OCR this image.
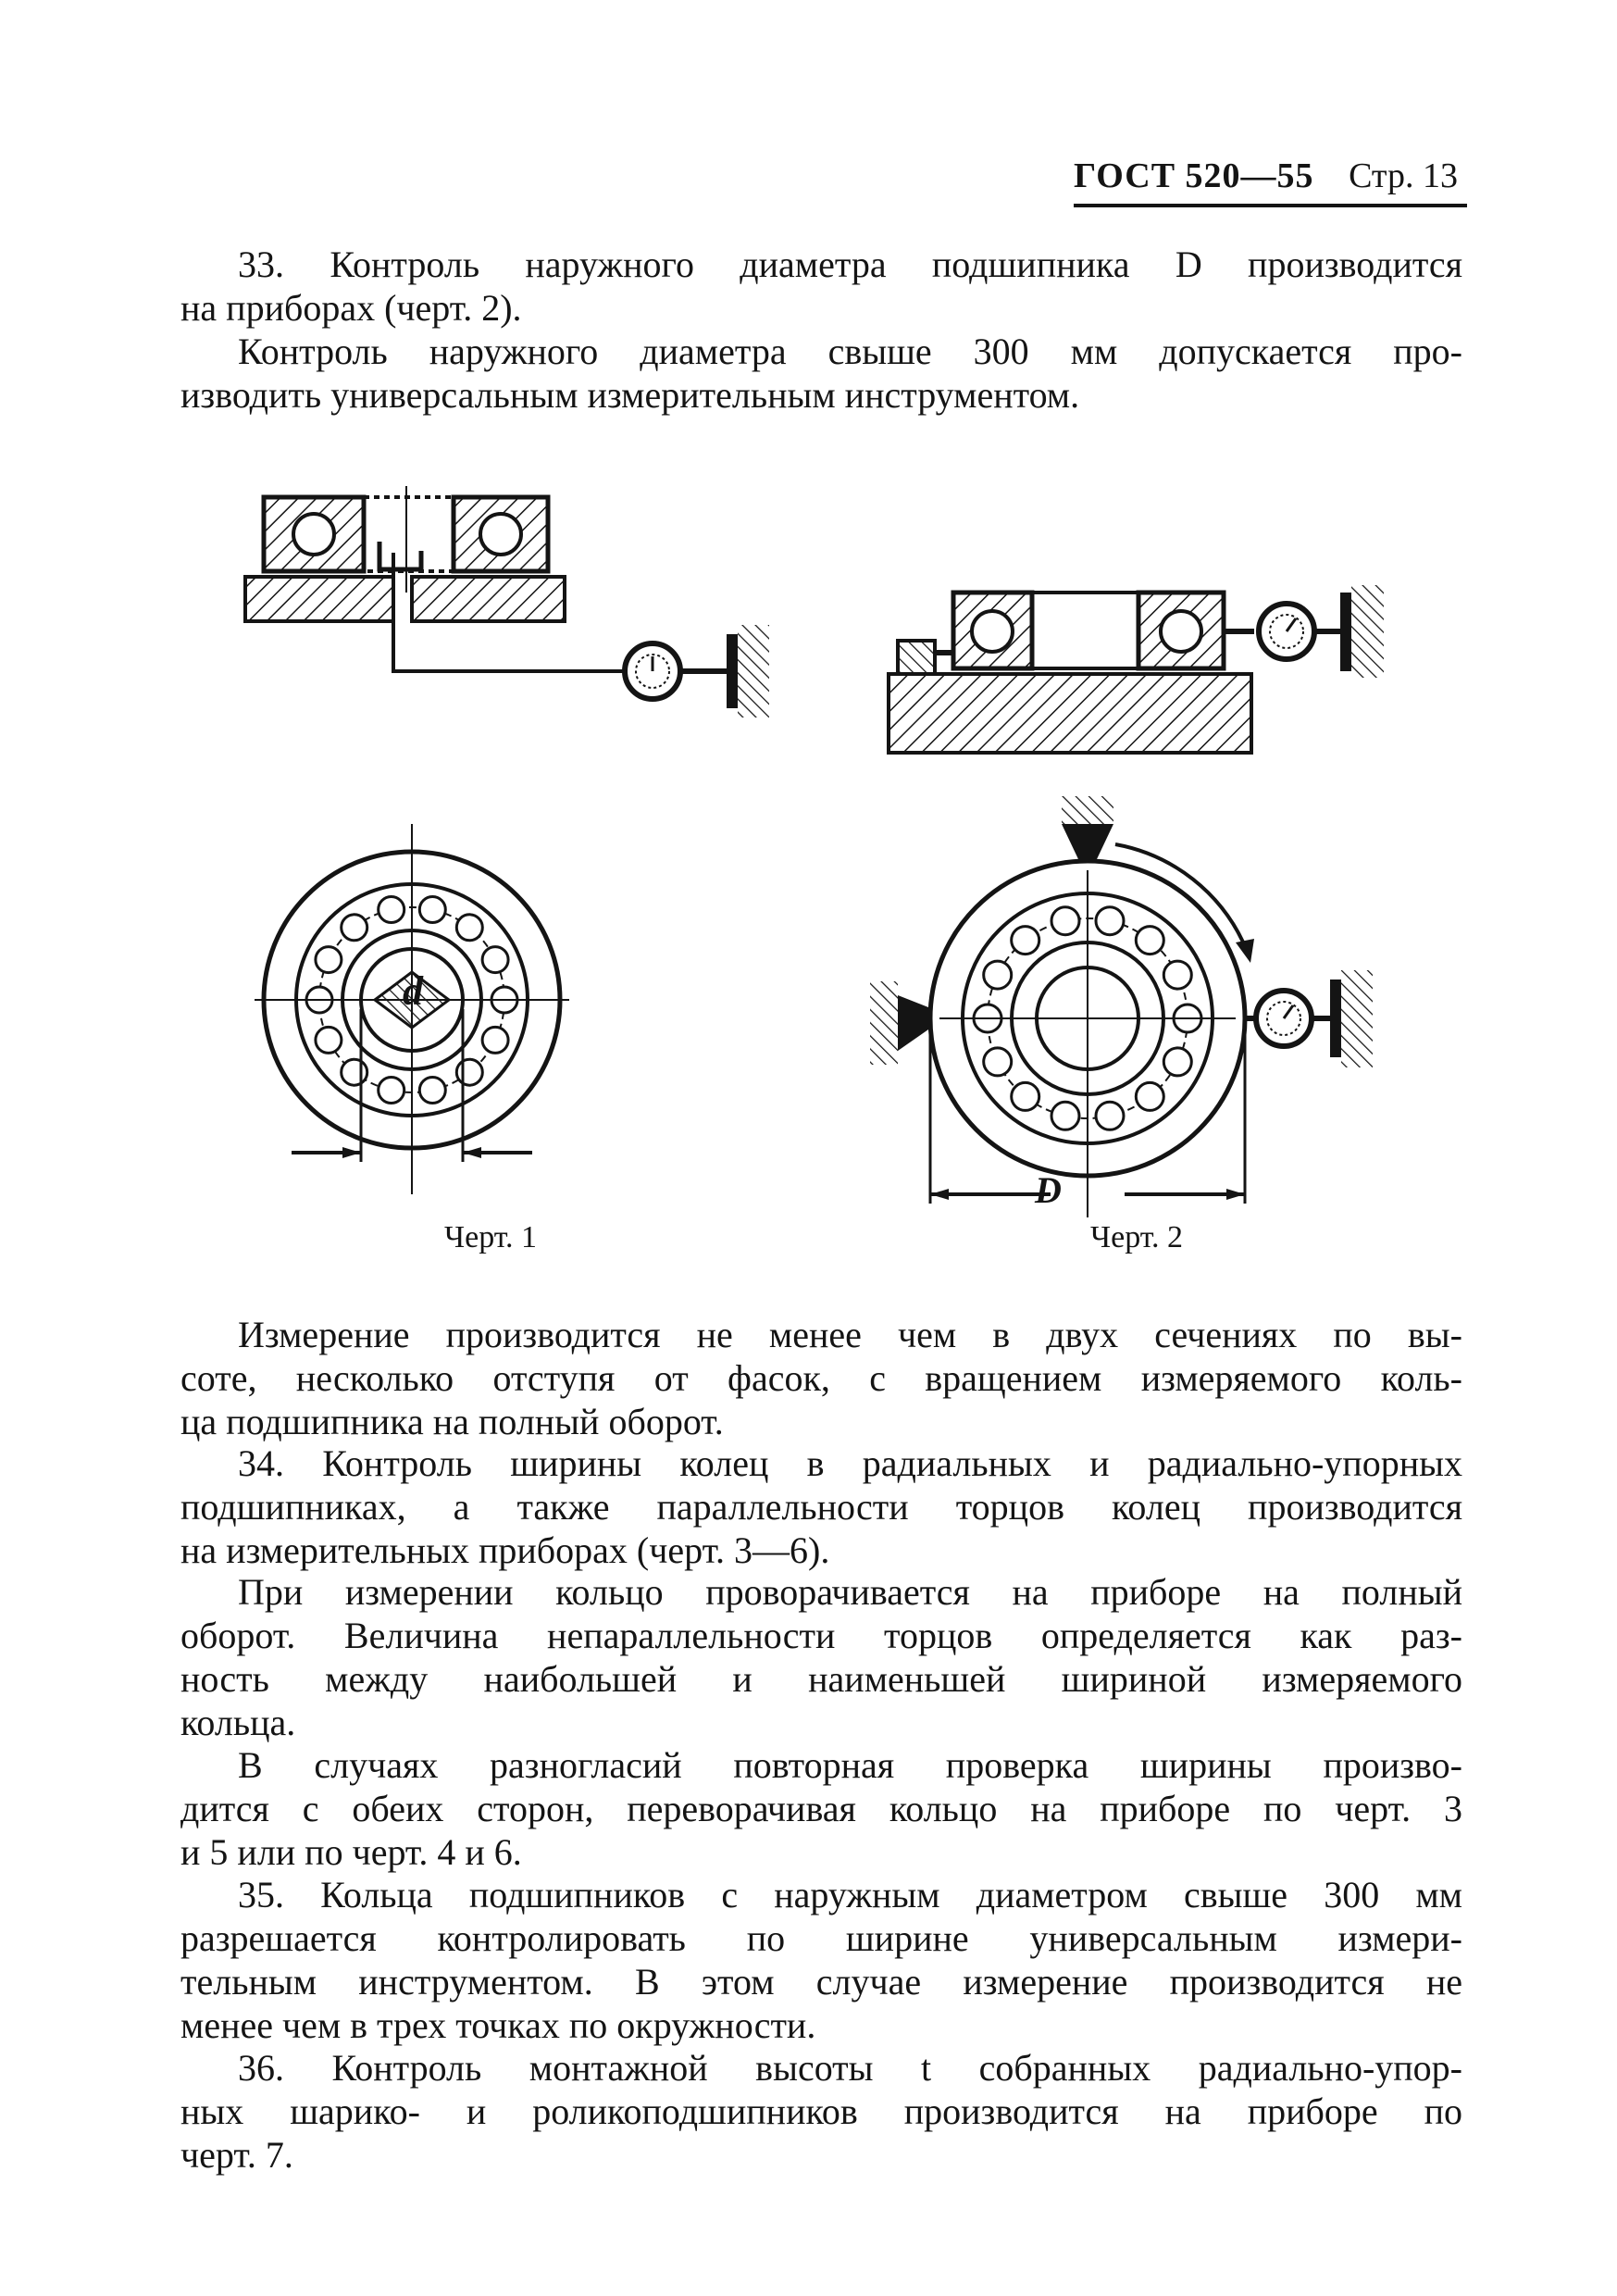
ГОСТ 520—55 Стр. 13
33. Контроль наружного диаметра подшипника D производится
на приборах (черт. 2).
Контроль наружного диаметра свыше 300 мм допускается про-
изводить универсальным измерительным инструментом.
d
D
Черт. 1	Черт. 2
Измерение производится не менее чем в двух сечениях по вы-
соте, несколько отступя от фасок, с вращением измеряемого коль-
ца подшипника на полный оборот.
34. Контроль ширины колец в радиальных и радиально-упорных
подшипниках, а также параллельности торцов колец производится
на измерительных приборах (черт. 3—6).
При измерении кольцо проворачивается на приборе на полный
оборот. Величина непараллельности торцов определяется как раз-
ность между наибольшей и наименьшей шириной измеряемого
кольца.
В случаях разногласий повторная проверка ширины произво-
дится с обеих сторон, переворачивая кольцо на приборе по черт. 3
и 5 или по черт. 4 и 6.
35. Кольца подшипников с наружным диаметром свыше 300 мм
разрешается контролировать по ширине универсальным измери-
тельным инструментом. В этом случае измерение производится не
менее чем в трех точках по окружности.
36. Контроль монтажной высоты t собранных радиально-упор-
ных шарико- и роликоподшипников производится на приборе по
черт. 7.
